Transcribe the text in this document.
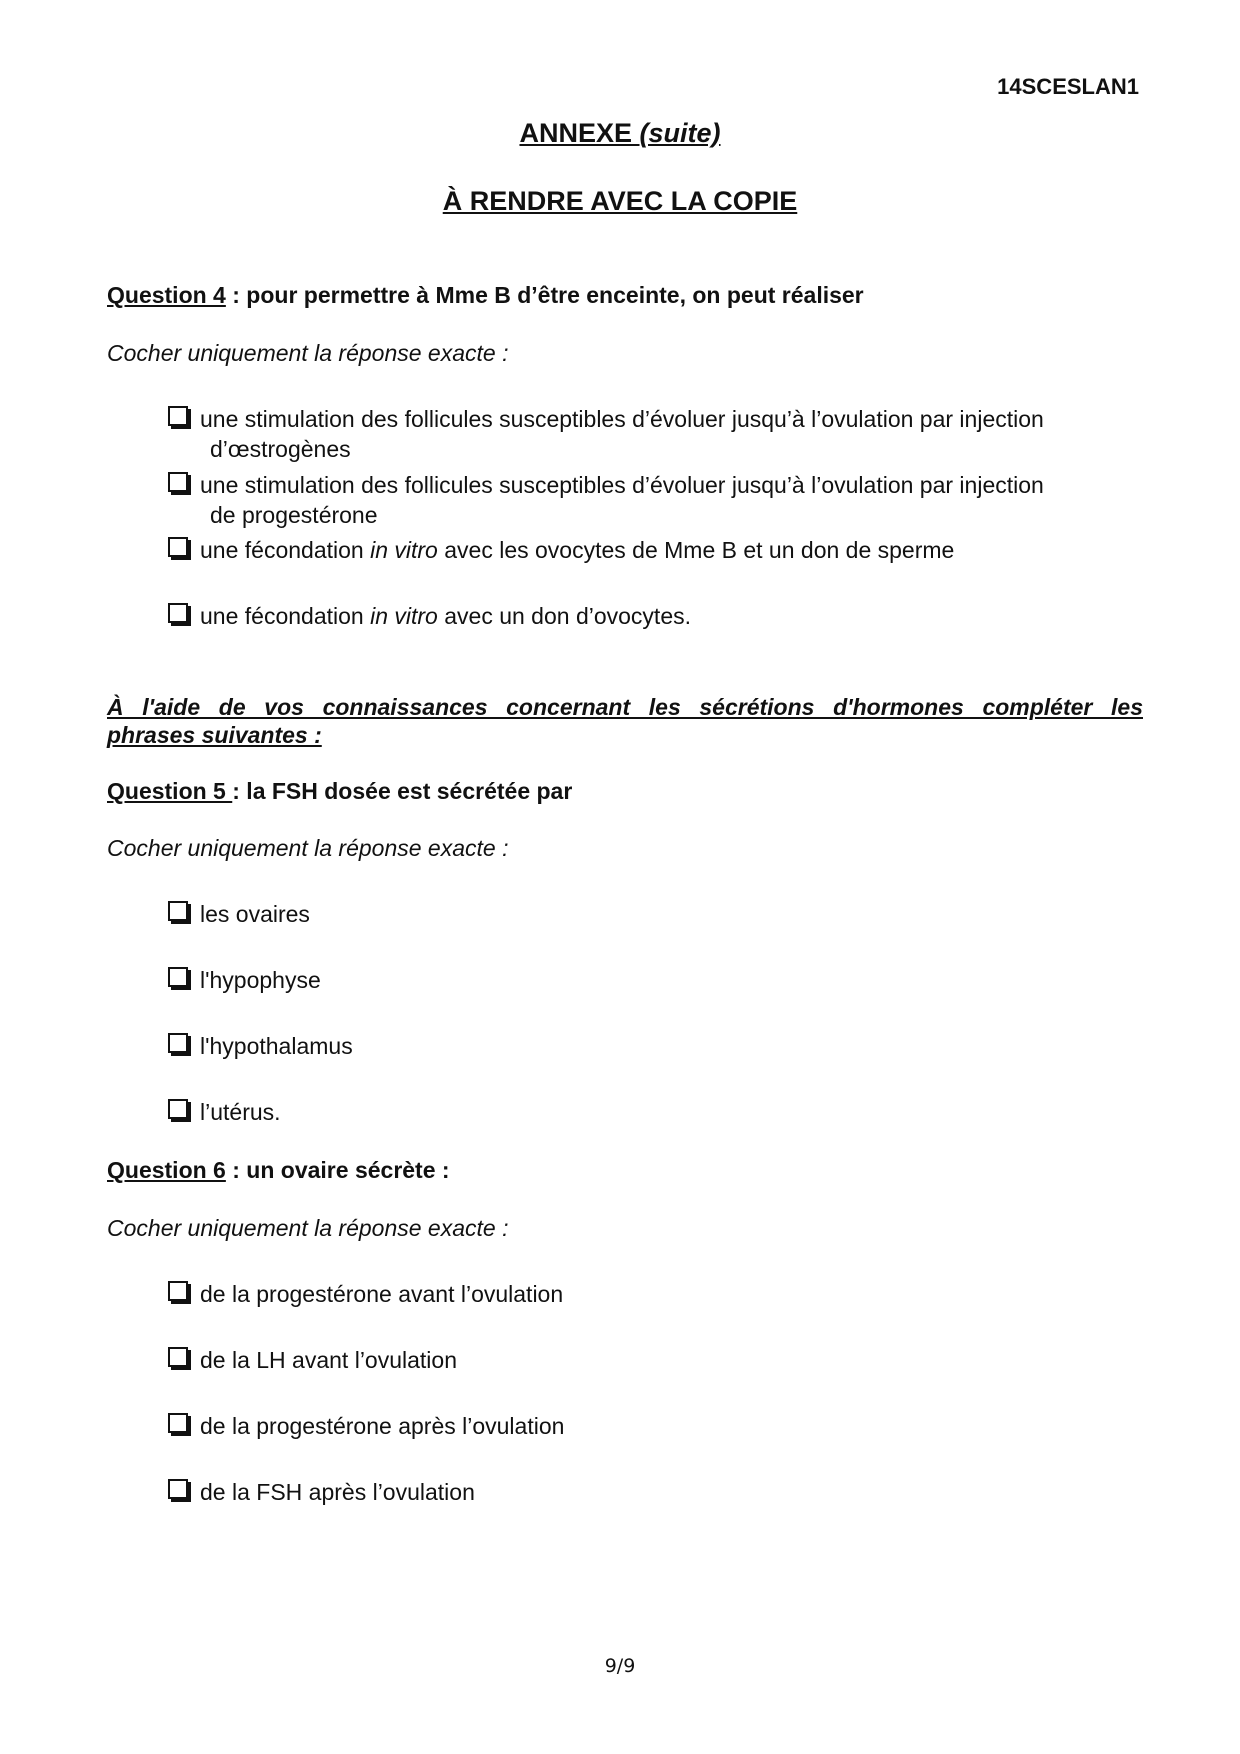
14SCESLAN1
ANNEXE (suite)
À RENDRE AVEC LA COPIE
Question 4 : pour permettre à Mme B d’être enceinte, on peut réaliser
Cocher uniquement la réponse exacte :
une stimulation des follicules susceptibles d’évoluer jusqu’à l’ovulation par injection
d’œstrogènes
une stimulation des follicules susceptibles d’évoluer jusqu’à l’ovulation par injection
de progestérone
une fécondation in vitro avec les ovocytes de Mme B et un don de sperme
une fécondation in vitro avec un don d’ovocytes.
À l'aide de vos connaissances concernant les sécrétions d'hormones compléter les
phrases suivantes :
Question 5 : la FSH dosée est sécrétée par
Cocher uniquement la réponse exacte :
les ovaires
l'hypophyse
l'hypothalamus
l’utérus.
Question 6 : un ovaire sécrète :
Cocher uniquement la réponse exacte :
de la progestérone avant l’ovulation
de la LH avant l’ovulation
de la progestérone après l’ovulation
de la FSH après l’ovulation
9/9
